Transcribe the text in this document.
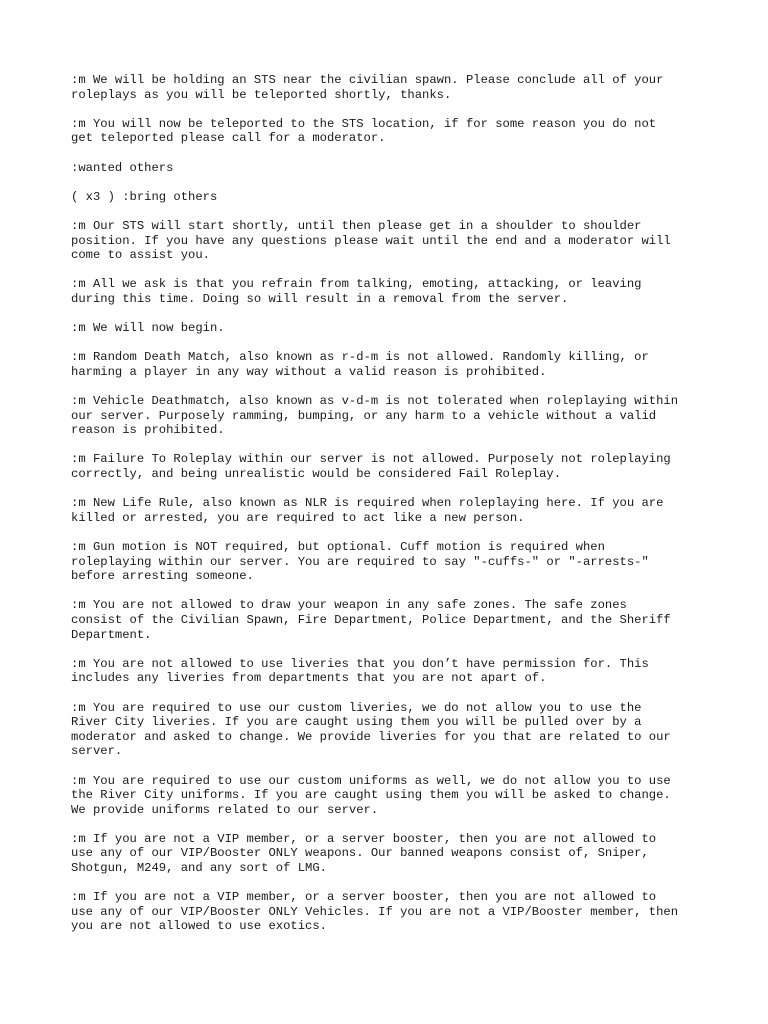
:m We will be holding an STS near the civilian spawn. Please conclude all of your
roleplays as you will be teleported shortly, thanks.

:m You will now be teleported to the STS location, if for some reason you do not
get teleported please call for a moderator.

:wanted others

( x3 ) :bring others

:m Our STS will start shortly, until then please get in a shoulder to shoulder
position. If you have any questions please wait until the end and a moderator will
come to assist you.

:m All we ask is that you refrain from talking, emoting, attacking, or leaving
during this time. Doing so will result in a removal from the server.

:m We will now begin.

:m Random Death Match, also known as r-d-m is not allowed. Randomly killing, or
harming a player in any way without a valid reason is prohibited.

:m Vehicle Deathmatch, also known as v-d-m is not tolerated when roleplaying within
our server. Purposely ramming, bumping, or any harm to a vehicle without a valid
reason is prohibited.

:m Failure To Roleplay within our server is not allowed. Purposely not roleplaying
correctly, and being unrealistic would be considered Fail Roleplay.

:m New Life Rule, also known as NLR is required when roleplaying here. If you are
killed or arrested, you are required to act like a new person.

:m Gun motion is NOT required, but optional. Cuff motion is required when
roleplaying within our server. You are required to say "-cuffs-" or "-arrests-"
before arresting someone.

:m You are not allowed to draw your weapon in any safe zones. The safe zones
consist of the Civilian Spawn, Fire Department, Police Department, and the Sheriff
Department.

:m You are not allowed to use liveries that you don’t have permission for. This
includes any liveries from departments that you are not apart of.

:m You are required to use our custom liveries, we do not allow you to use the
River City liveries. If you are caught using them you will be pulled over by a
moderator and asked to change. We provide liveries for you that are related to our
server.

:m You are required to use our custom uniforms as well, we do not allow you to use
the River City uniforms. If you are caught using them you will be asked to change.
We provide uniforms related to our server.

:m If you are not a VIP member, or a server booster, then you are not allowed to
use any of our VIP/Booster ONLY weapons. Our banned weapons consist of, Sniper,
Shotgun, M249, and any sort of LMG.

:m If you are not a VIP member, or a server booster, then you are not allowed to
use any of our VIP/Booster ONLY Vehicles. If you are not a VIP/Booster member, then
you are not allowed to use exotics.
